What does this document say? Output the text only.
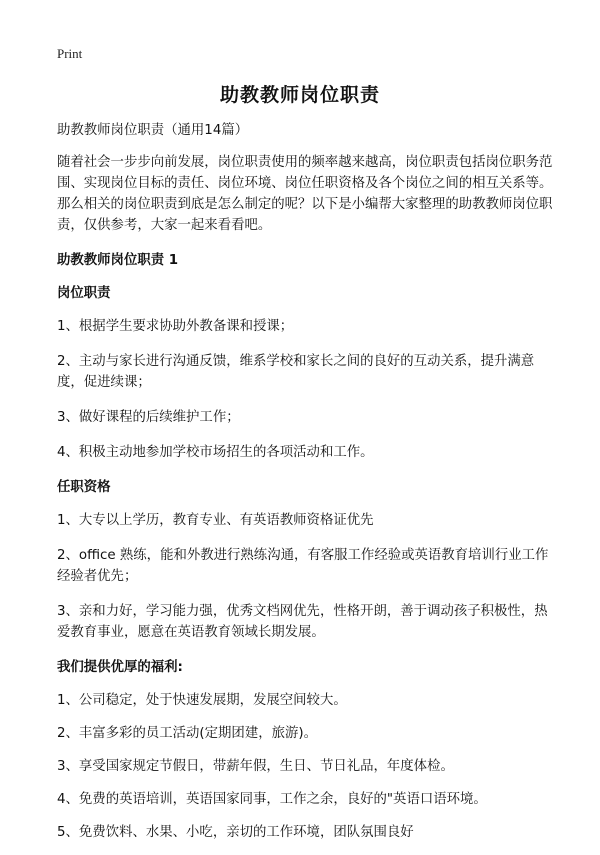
Print
助教教师岗位职责

助教教师岗位职责（通用14篇）

随着社会一步步向前发展，岗位职责使用的频率越来越高，岗位职责包括岗位职务范围、实现岗位目标的责任、岗位环境、岗位任职资格及各个岗位之间的相互关系等。那么相关的岗位职责到底是怎么制定的呢？以下是小编帮大家整理的助教教师岗位职责，仅供参考，大家一起来看看吧。

助教教师岗位职责 1

岗位职责

1、根据学生要求协助外教备课和授课；

2、主动与家长进行沟通反馈，维系学校和家长之间的良好的互动关系，提升满意度，促进续课；

3、做好课程的后续维护工作；

4、积极主动地参加学校市场招生的各项活动和工作。

任职资格

1、大专以上学历，教育专业、有英语教师资格证优先

2、office 熟练，能和外教进行熟练沟通，有客服工作经验或英语教育培训行业工作经验者优先；

3、亲和力好，学习能力强，优秀文档网优先，性格开朗，善于调动孩子积极性，热爱教育事业，愿意在英语教育领域长期发展。

我们提供优厚的福利:

1、公司稳定，处于快速发展期，发展空间较大。

2、丰富多彩的员工活动(定期团建，旅游)。

3、享受国家规定节假日，带薪年假，生日、节日礼品，年度体检。

4、免费的英语培训，英语国家同事，工作之余，良好的"英语口语环境。

5、免费饮料、水果、小吃，亲切的工作环境，团队氛围良好
